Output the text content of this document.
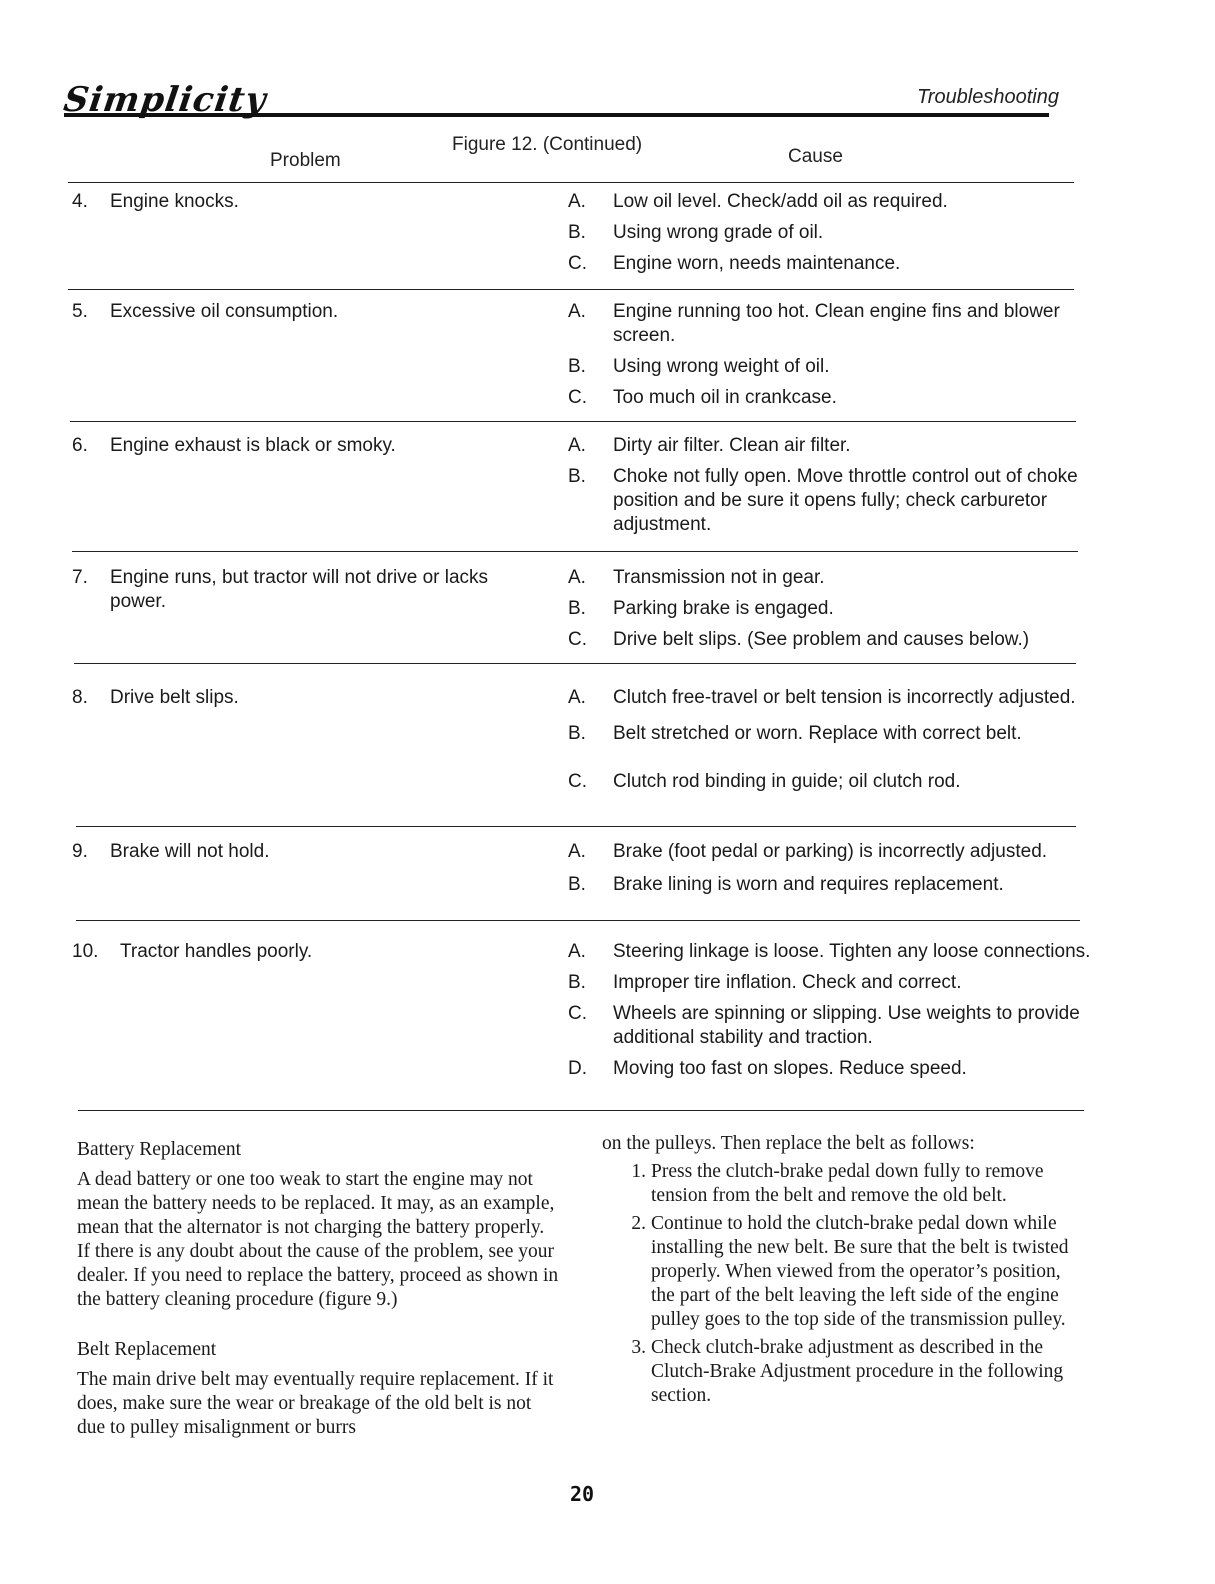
Simplicity	Troubleshooting
Problem
Figure 12. (Continued)
Cause
4.	Engine knocks.	A.	Low oil level. Check/add oil as required.
B.	Using wrong grade of oil.
C.	Engine worn, needs maintenance.
5.	Excessive oil consumption.	A.	Engine running too hot. Clean engine fins and blower screen.
B.	Using wrong weight of oil.
C.	Too much oil in crankcase.
6.	Engine exhaust is black or smoky.	A.	Dirty air filter. Clean air filter.
B.	Choke not fully open. Move throttle control out of choke position and be sure it opens fully; check carburetor adjustment.
7.	Engine runs, but tractor will not drive or lacks power.
A.	Transmission not in gear.
B.	Parking brake is engaged.
C.	Drive belt slips. (See problem and causes below.)
8.	Drive belt slips.	A.	Clutch free-travel or belt tension is incorrectly adjusted.
B.	Belt stretched or worn. Replace with correct belt.
C.	Clutch rod binding in guide; oil clutch rod.
9.	Brake will not hold.	A.	Brake (foot pedal or parking) is incorrectly adjusted.
B.	Brake lining is worn and requires replacement.
10.	Tractor handles poorly.	A.	Steering linkage is loose. Tighten any loose connections.
B.	Improper tire inflation. Check and correct.
C.	Wheels are spinning or slipping. Use weights to provide additional stability and traction.
D.	Moving too fast on slopes. Reduce speed.

Battery Replacement

A dead battery or one too weak to start the engine may not mean the battery needs to be replaced. It may, as an example, mean that the alternator is not charging the battery properly. If there is any doubt about the cause of the problem, see your dealer. If you need to replace the battery, proceed as shown in the battery cleaning procedure (figure 9.)

Belt Replacement

The main drive belt may eventually require replacement. If it does, make sure the wear or breakage of the old belt is not due to pulley misalignment or burrs

on the pulleys. Then replace the belt as follows:

1. Press the clutch-brake pedal down fully to remove tension from the belt and remove the old belt.
2. Continue to hold the clutch-brake pedal down while installing the new belt. Be sure that the belt is twisted properly. When viewed from the operator’s position, the part of the belt leaving the left side of the engine pulley goes to the top side of the transmission pulley.
3. Check clutch-brake adjustment as described in the Clutch-Brake Adjustment procedure in the following section.
20
